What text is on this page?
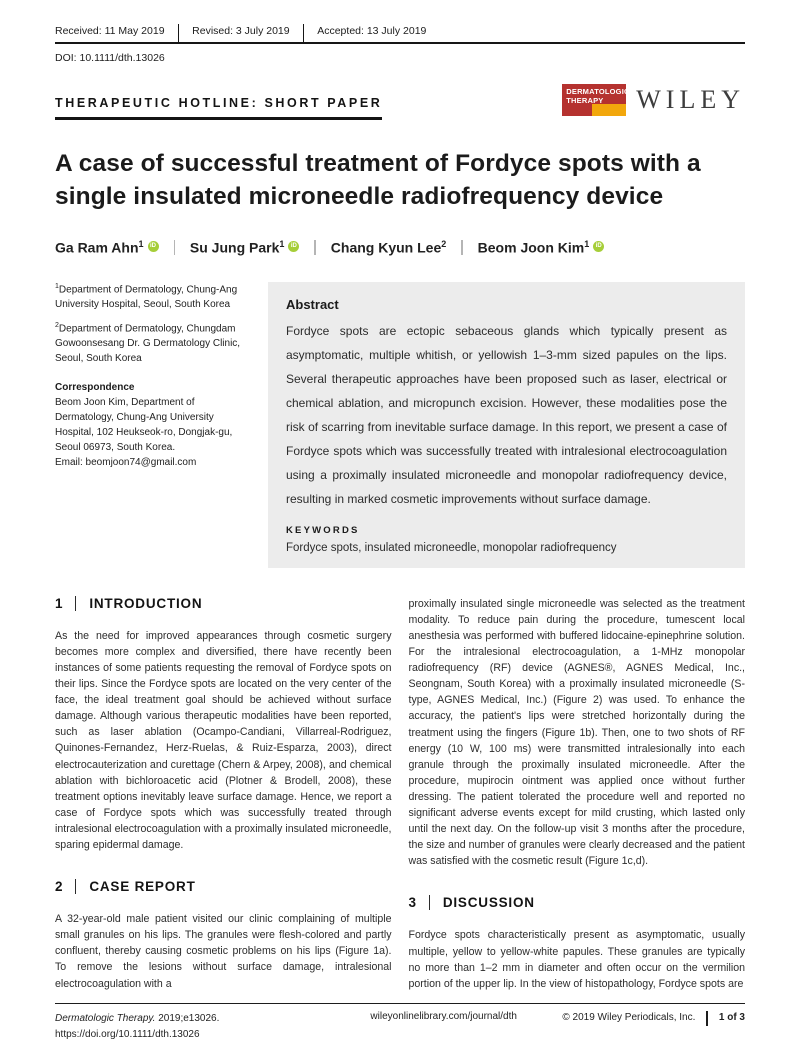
Received: 11 May 2019	Revised: 3 July 2019	Accepted: 13 July 2019
DOI: 10.1111/dth.13026
THERAPEUTIC HOTLINE: SHORT PAPER
DERMATOLOGIC
THERAPY	WILEY
A case of successful treatment of Fordyce spots with a single insulated microneedle radiofrequency device
Ga Ram Ahn$^1$ iD Su Jung Park$^1$ iD Chang Kyun Lee$^2$ Beom Joon Kim$^1$ iD
$^1$Department of Dermatology, Chung-Ang University Hospital, Seoul, South Korea
$^2$Department of Dermatology, Chungdam Gowoonsesang Dr. G Dermatology Clinic, Seoul, South Korea
Correspondence
Beom Joon Kim, Department of Dermatology, Chung-Ang University Hospital, 102 Heukseok-ro, Dongjak-gu, Seoul 06973, South Korea.
Email: beomjoon74@gmail.com
Abstract
Fordyce spots are ectopic sebaceous glands which typically present as asymptomatic, multiple whitish, or yellowish 1–3-mm sized papules on the lips. Several therapeutic approaches have been proposed such as laser, electrical or chemical ablation, and micropunch excision. However, these modalities pose the risk of scarring from inevitable surface damage. In this report, we present a case of Fordyce spots which was successfully treated with intralesional electrocoagulation using a proximally insulated microneedle and monopolar radiofrequency device, resulting in marked cosmetic improvements without surface damage.
KEYWORDS
Fordyce spots, insulated microneedle, monopolar radiofrequency
1	INTRODUCTION

As the need for improved appearances through cosmetic surgery becomes more complex and diversified, there have recently been instances of some patients requesting the removal of Fordyce spots on their lips. Since the Fordyce spots are located on the very center of the face, the ideal treatment goal should be achieved without surface damage. Although various therapeutic modalities have been reported, such as laser ablation (Ocampo-Candiani, Villarreal-Rodriguez, Quinones-Fernandez, Herz-Ruelas, & Ruiz-Esparza, 2003), direct electrocauterization and curettage (Chern & Arpey, 2008), and chemical ablation with bichloroacetic acid (Plotner & Brodell, 2008), these treatment options inevitably leave surface damage. Hence, we report a case of Fordyce spots which was successfully treated through intralesional electrocoagulation with a proximally insulated microneedle, sparing epidermal damage.

2	CASE REPORT

A 32-year-old male patient visited our clinic complaining of multiple small granules on his lips. The granules were flesh-colored and partly confluent, thereby causing cosmetic problems on his lips (Figure 1a). To remove the lesions without surface damage, intralesional electrocoagulation with a

proximally insulated single microneedle was selected as the treatment modality. To reduce pain during the procedure, tumescent local anesthesia was performed with buffered lidocaine-epinephrine solution. For the intralesional electrocoagulation, a 1-MHz monopolar radiofrequency (RF) device (AGNES®, AGNES Medical, Inc., Seongnam, South Korea) with a proximally insulated microneedle (S-type, AGNES Medical, Inc.) (Figure 2) was used. To enhance the accuracy, the patient's lips were stretched horizontally during the treatment using the fingers (Figure 1b). Then, one to two shots of RF energy (10 W, 100 ms) were transmitted intralesionally into each granule through the proximally insulated microneedle. After the procedure, mupirocin ointment was applied once without further dressing. The patient tolerated the procedure well and reported no significant adverse events except for mild crusting, which lasted only until the next day. On the follow-up visit 3 months after the procedure, the size and number of granules were clearly decreased and the patient was satisfied with the cosmetic result (Figure 1c,d).

3	DISCUSSION

Fordyce spots characteristically present as asymptomatic, usually multiple, yellow to yellow-white papules. These granules are typically no more than 1–2 mm in diameter and often occur on the vermilion portion of the upper lip. In the view of histopathology, Fordyce spots are

Dermatologic Therapy. 2019;e13026.
https://doi.org/10.1111/dth.13026
wileyonlinelibrary.com/journal/dth	© 2019 Wiley Periodicals, Inc. 1 of 3
